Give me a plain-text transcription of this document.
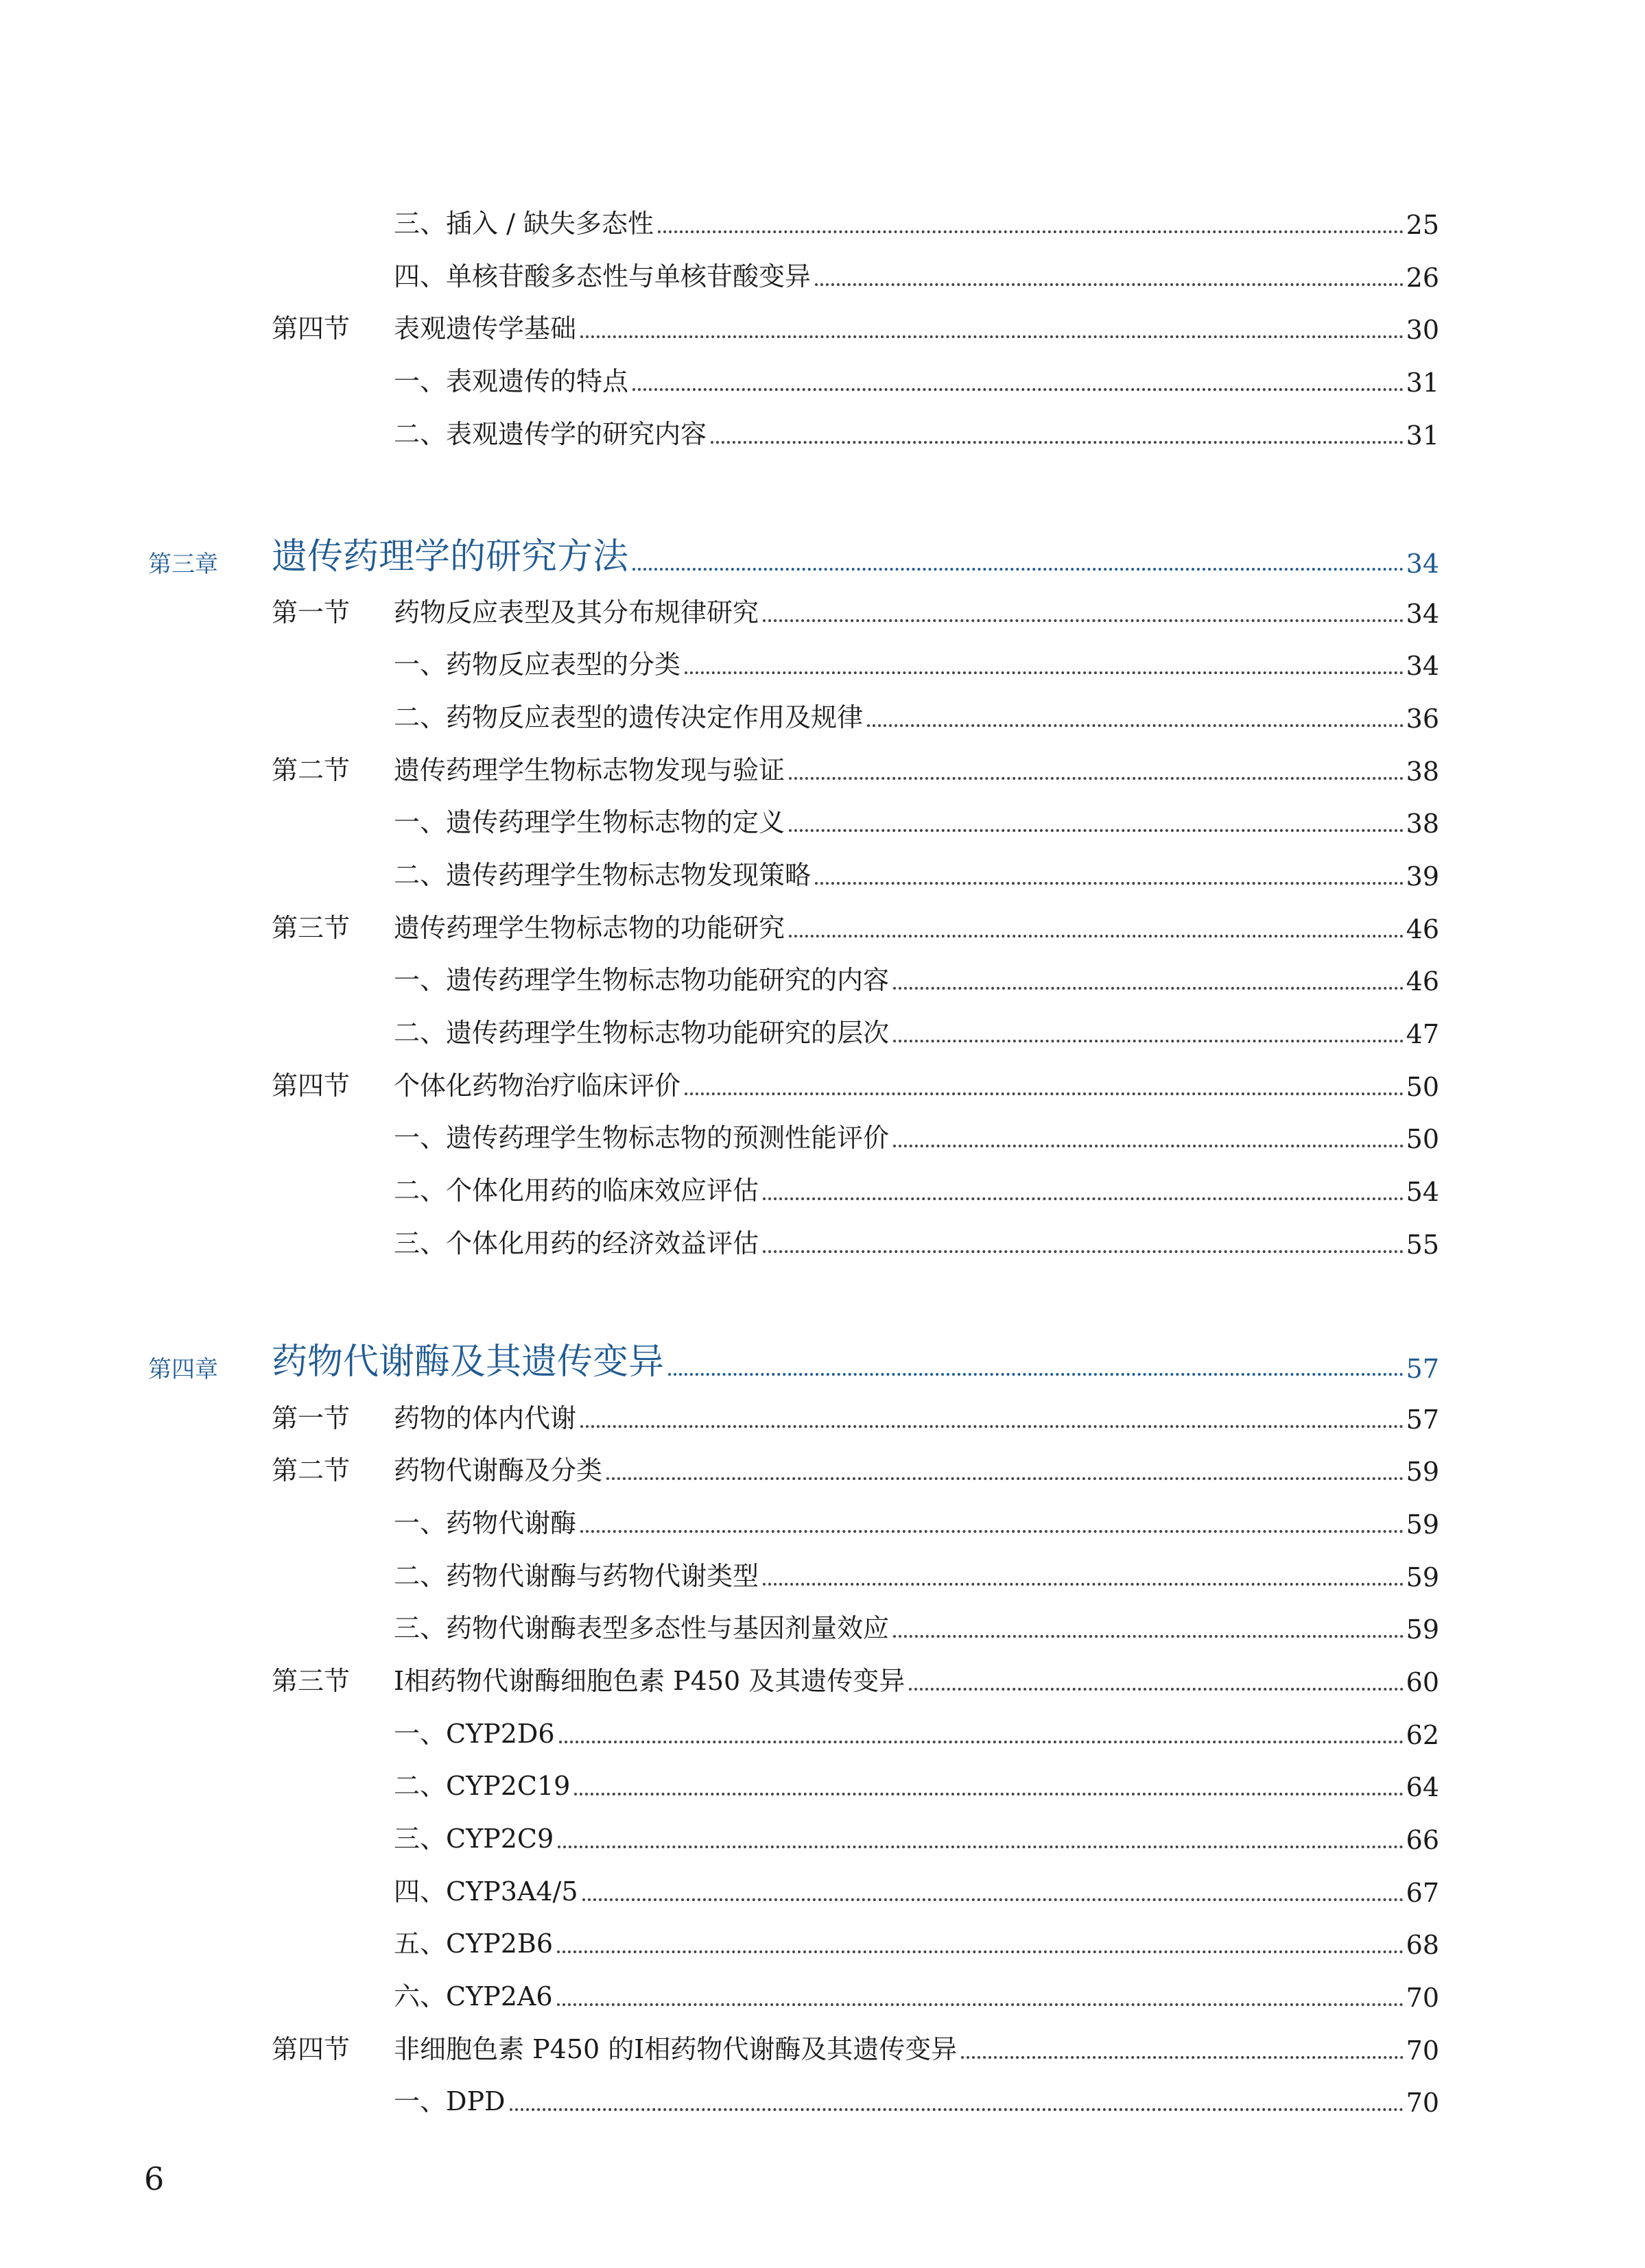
三、插入 / 缺失多态性	25
四、单核苷酸多态性与单核苷酸变异	26
第四节	表观遗传学基础	30
一、表观遗传的特点	31
二、表观遗传学的研究内容	31
第三章	遗传药理学的研究方法	34
第一节	药物反应表型及其分布规律研究	34
一、药物反应表型的分类	34
二、药物反应表型的遗传决定作用及规律	36
第二节	遗传药理学生物标志物发现与验证	38
一、遗传药理学生物标志物的定义	38
二、遗传药理学生物标志物发现策略	39
第三节	遗传药理学生物标志物的功能研究	46
一、遗传药理学生物标志物功能研究的内容	46
二、遗传药理学生物标志物功能研究的层次	47
第四节	个体化药物治疗临床评价	50
一、遗传药理学生物标志物的预测性能评价	50
二、个体化用药的临床效应评估	54
三、个体化用药的经济效益评估	55
第四章	药物代谢酶及其遗传变异	57
第一节	药物的体内代谢	57
第二节	药物代谢酶及分类	59
一、药物代谢酶	59
二、药物代谢酶与药物代谢类型	59
三、药物代谢酶表型多态性与基因剂量效应	59
第三节	I相药物代谢酶细胞色素 P450 及其遗传变异	60
一、CYP2D6	62
二、CYP2C19	64
三、CYP2C9	66
四、CYP3A4/5	67
五、CYP2B6	68
六、CYP2A6	70
第四节	非细胞色素 P450 的I相药物代谢酶及其遗传变异	70
一、DPD	70
6
